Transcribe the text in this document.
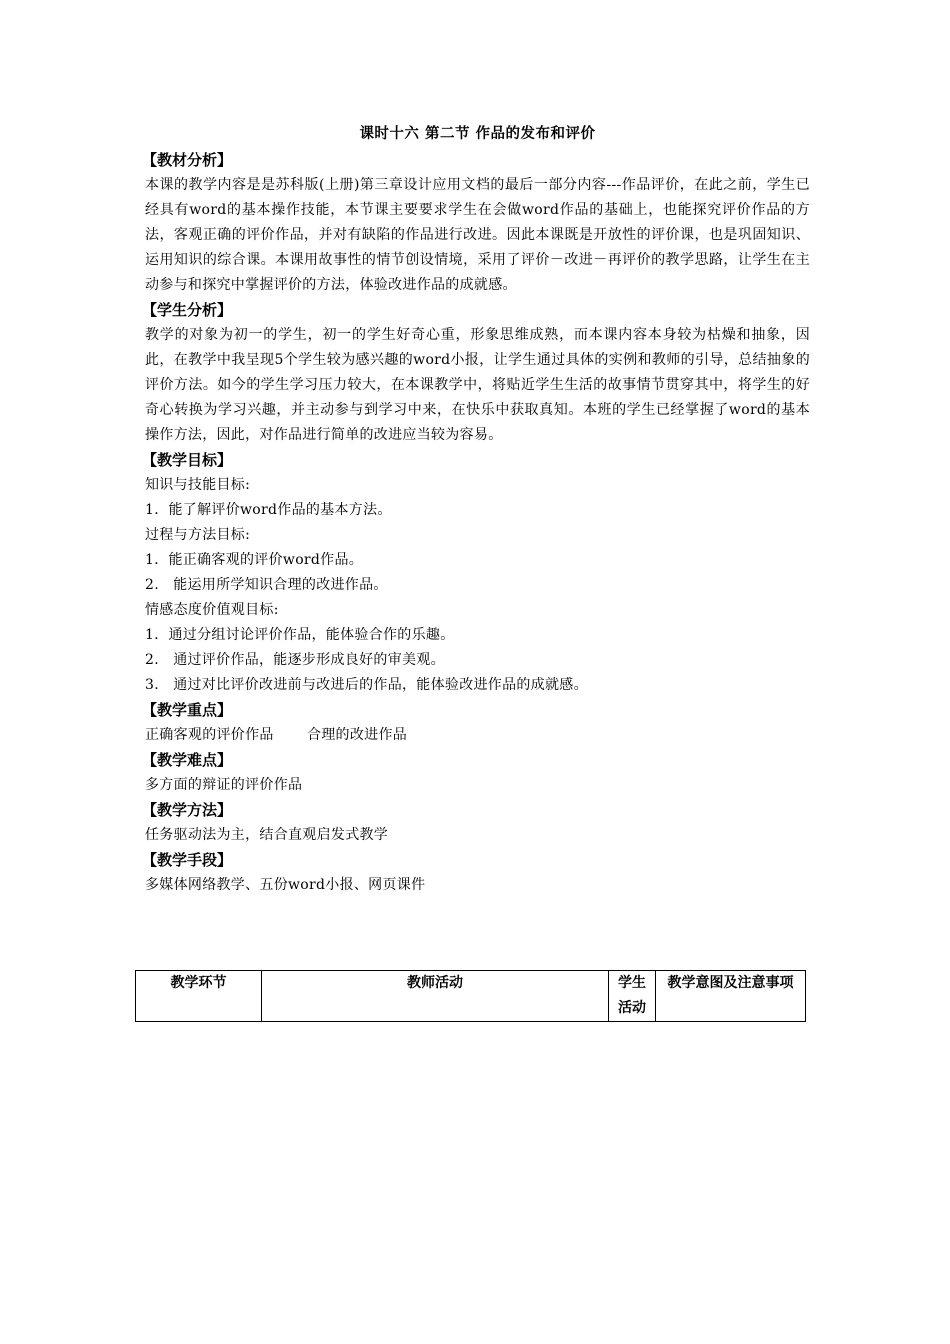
课时十六 第二节 作品的发布和评价
【教材分析】
本课的教学内容是是苏科版(上册)第三章设计应用文档的最后一部分内容---作品评价，在此之前，学生已经具有word的基本操作技能，本节课主要要求学生在会做word作品的基础上，也能探究评价作品的方法，客观正确的评价作品，并对有缺陷的作品进行改进。因此本课既是开放性的评价课，也是巩固知识、运用知识的综合课。本课用故事性的情节创设情境，采用了评价－改进－再评价的教学思路，让学生在主动参与和探究中掌握评价的方法，体验改进作品的成就感。
【学生分析】
教学的对象为初一的学生，初一的学生好奇心重，形象思维成熟，而本课内容本身较为枯燥和抽象，因此，在教学中我呈现5个学生较为感兴趣的word小报，让学生通过具体的实例和教师的引导，总结抽象的评价方法。如今的学生学习压力较大，在本课教学中，将贴近学生生活的故事情节贯穿其中，将学生的好奇心转换为学习兴趣，并主动参与到学习中来，在快乐中获取真知。本班的学生已经掌握了word的基本操作方法，因此，对作品进行简单的改进应当较为容易。
【教学目标】
知识与技能目标:
1．能了解评价word作品的基本方法。
过程与方法目标:
1．能正确客观的评价word作品。
2.   能运用所学知识合理的改进作品。
情感态度价值观目标:
1．通过分组讨论评价作品，能体验合作的乐趣。
2.   通过评价作品，能逐步形成良好的审美观。
3.   通过对比评价改进前与改进后的作品，能体验改进作品的成就感。
【教学重点】
正确客观的评价作品       合理的改进作品
【教学难点】
多方面的辩证的评价作品
【教学方法】
任务驱动法为主，结合直观启发式教学
【教学手段】
多媒体网络教学、五份word小报、网页课件
教学环节	教师活动	学生活动	教学意图及注意事项
